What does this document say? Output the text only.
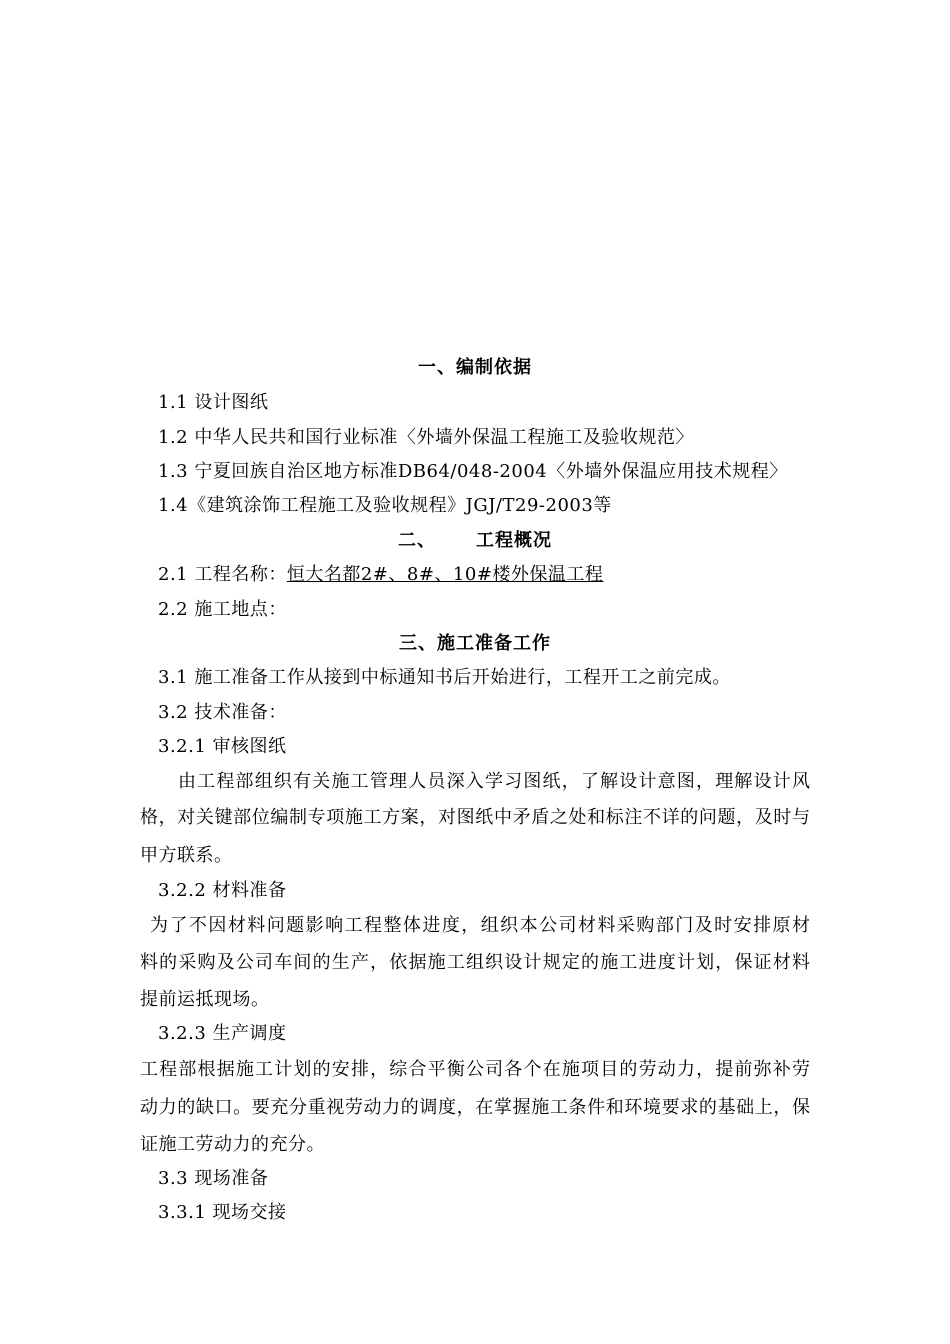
一、编制依据
1.1 设计图纸
1.2 中华人民共和国行业标准〈外墙外保温工程施工及验收规范〉
1.3 宁夏回族自治区地方标准DB64/048-2004〈外墙外保温应用技术规程〉
1.4《建筑涂饰工程施工及验收规程》JGJ/T29-2003等
二、 工程概况
2.1 工程名称：恒大名都2#、8#、10#楼外保温工程
2.2 施工地点：
三、施工准备工作
3.1 施工准备工作从接到中标通知书后开始进行，工程开工之前完成。
3.2 技术准备：
3.2.1 审核图纸
由工程部组织有关施工管理人员深入学习图纸，了解设计意图，理解设计风
格，对关键部位编制专项施工方案，对图纸中矛盾之处和标注不详的问题，及时与
甲方联系。
3.2.2 材料准备
为了不因材料问题影响工程整体进度，组织本公司材料采购部门及时安排原材
料的采购及公司车间的生产，依据施工组织设计规定的施工进度计划，保证材料
提前运抵现场。
3.2.3 生产调度
工程部根据施工计划的安排，综合平衡公司各个在施项目的劳动力，提前弥补劳
动力的缺口。要充分重视劳动力的调度，在掌握施工条件和环境要求的基础上，保
证施工劳动力的充分。
3.3 现场准备
3.3.1 现场交接
